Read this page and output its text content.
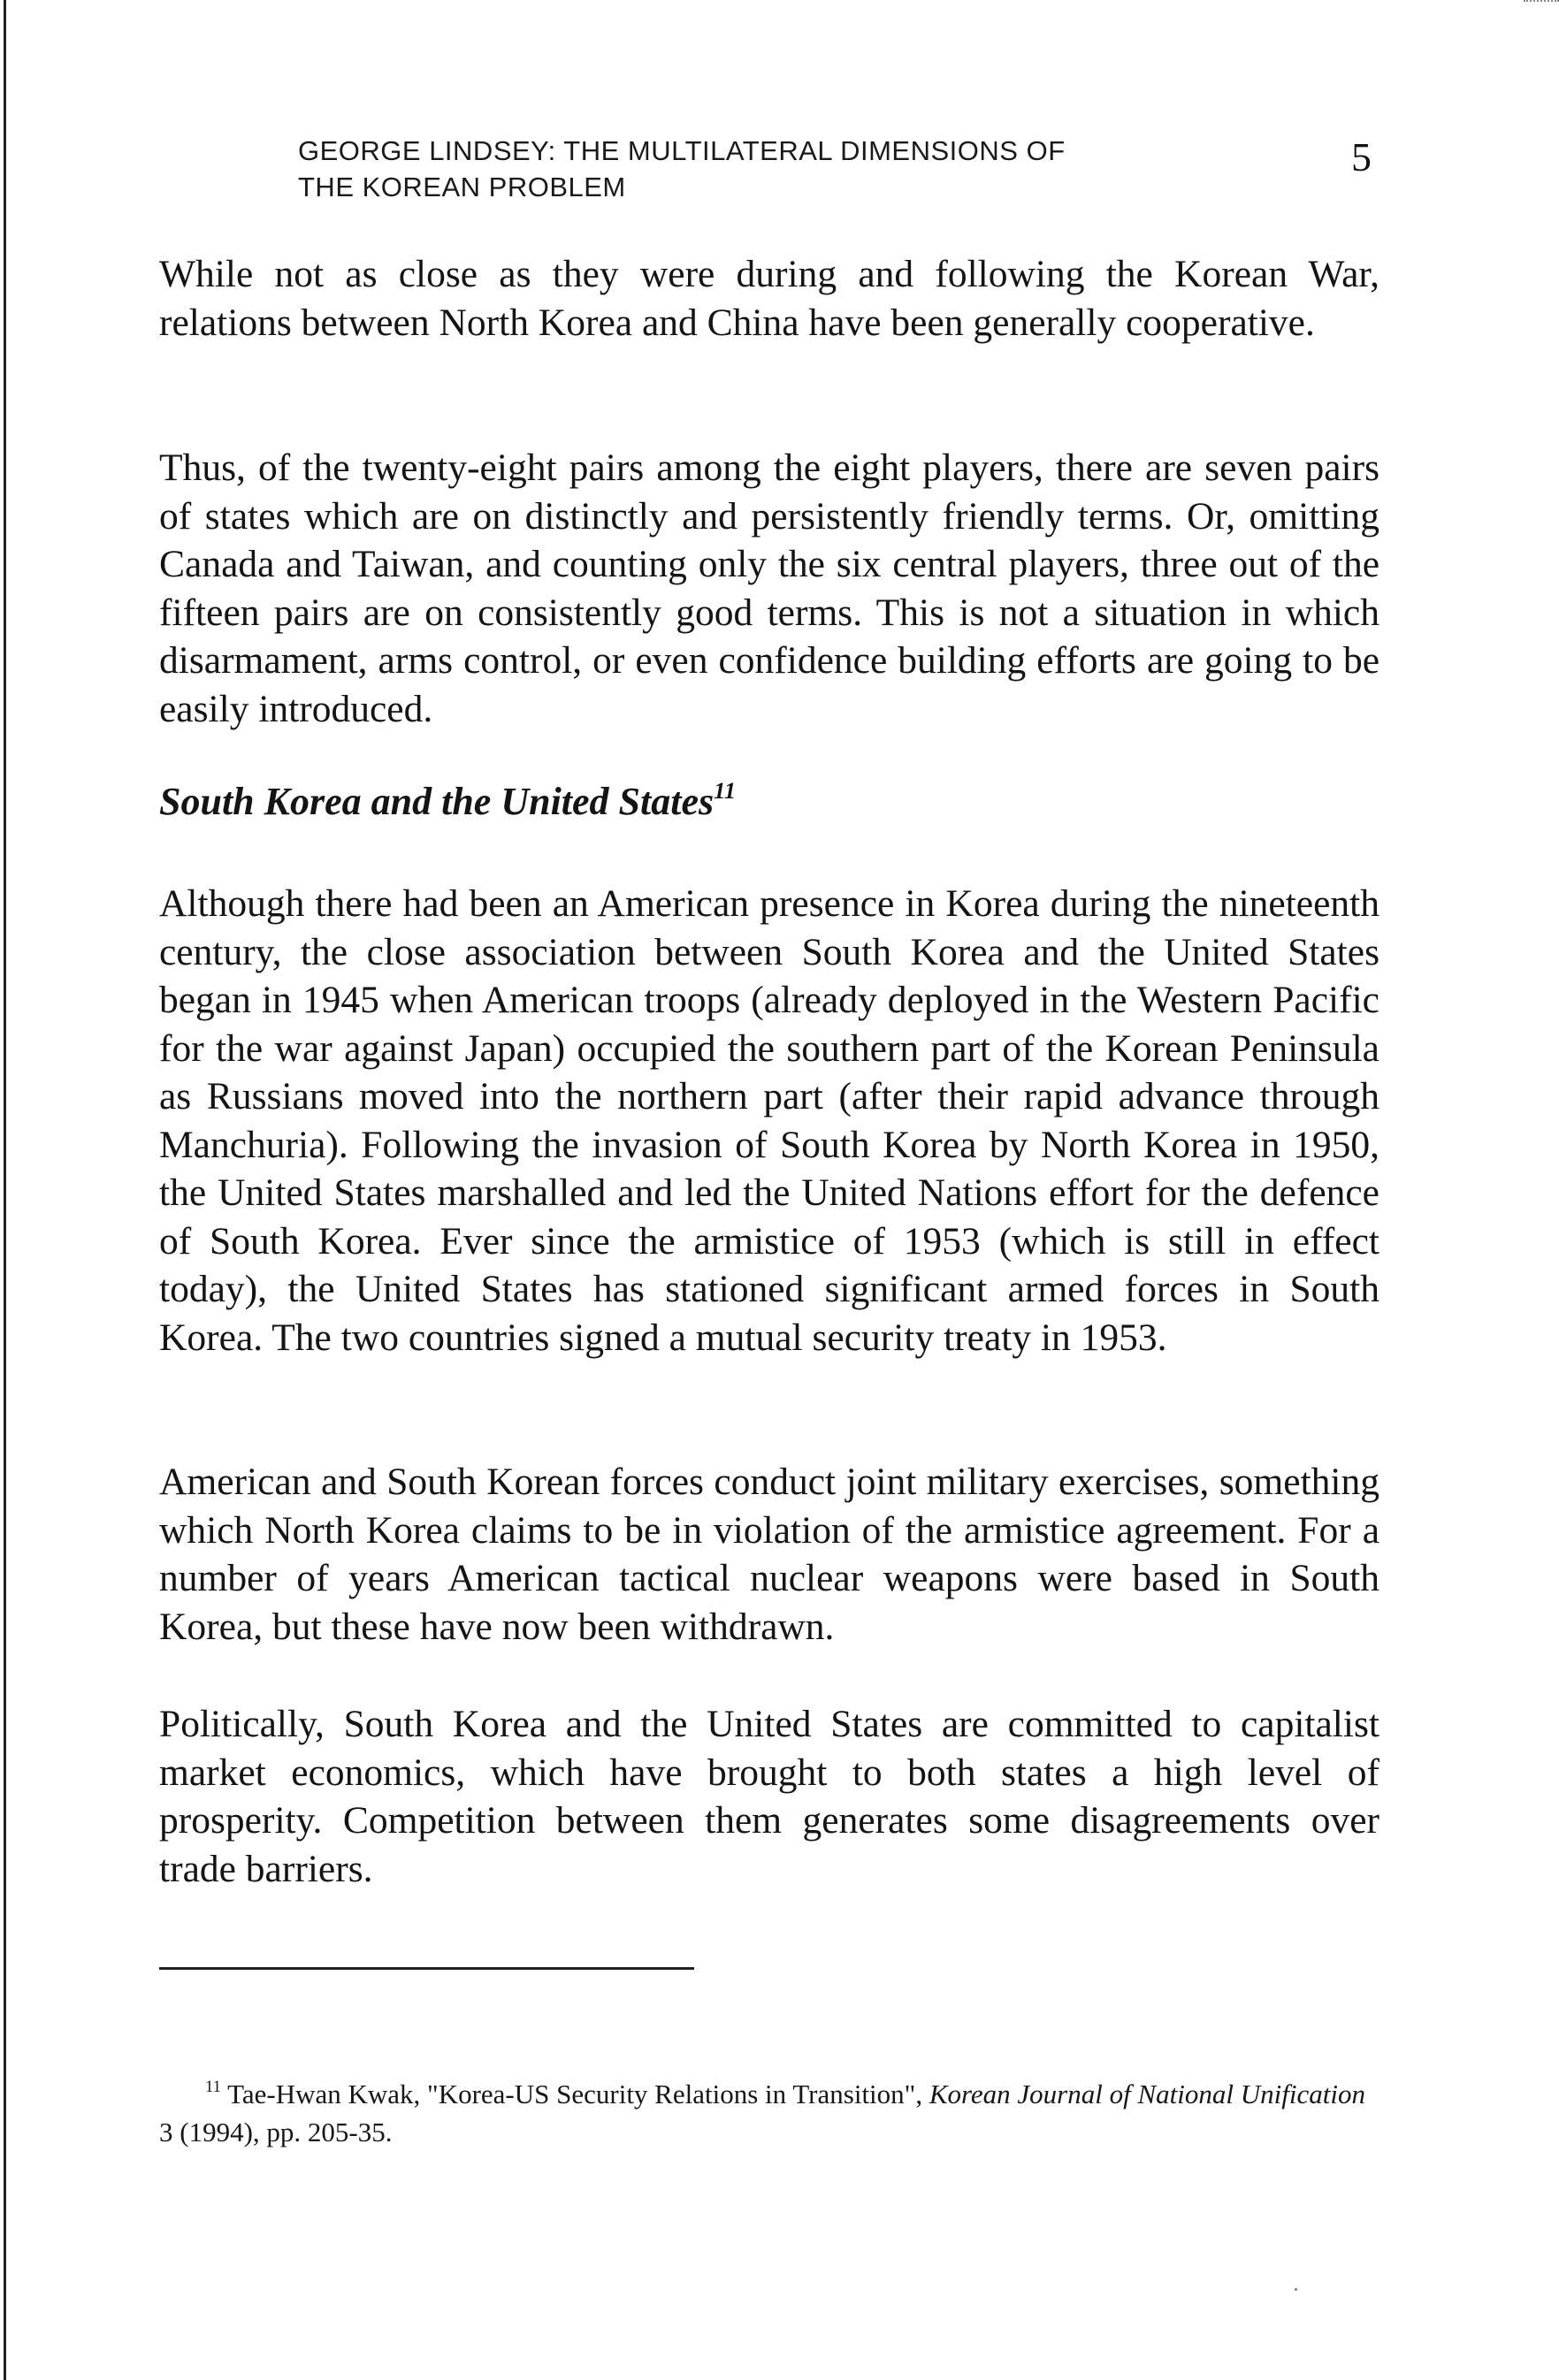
GEORGE LINDSEY: THE MULTILATERAL DIMENSIONS OF
THE KOREAN PROBLEM
5

While not as close as they were during and following the Korean War, relations between North Korea and China have been generally cooperative.

Thus, of the twenty-eight pairs among the eight players, there are seven pairs of states which are on distinctly and persistently friendly terms. Or, omitting Canada and Taiwan, and counting only the six central players, three out of the fifteen pairs are on consistently good terms. This is not a situation in which disarmament, arms control, or even confidence building efforts are going to be easily introduced.

South Korea and the United States$^{11}$

Although there had been an American presence in Korea during the nineteenth century, the close association between South Korea and the United States began in 1945 when American troops (already deployed in the Western Pacific for the war against Japan) occupied the southern part of the Korean Peninsula as Russians moved into the northern part (after their rapid advance through Manchuria). Following the invasion of South Korea by North Korea in 1950, the United States marshalled and led the United Nations effort for the defence of South Korea. Ever since the armistice of 1953 (which is still in effect today), the United States has stationed significant armed forces in South Korea. The two countries signed a mutual security treaty in 1953.

American and South Korean forces conduct joint military exercises, something which North Korea claims to be in violation of the armistice agreement. For a number of years American tactical nuclear weapons were based in South Korea, but these have now been withdrawn.

Politically, South Korea and the United States are committed to capitalist market economics, which have brought to both states a high level of prosperity. Competition between them generates some disagreements over trade barriers.

$^{11}$ Tae-Hwan Kwak, "Korea-US Security Relations in Transition", Korean Journal of National Unification 3 (1994), pp. 205-35.
